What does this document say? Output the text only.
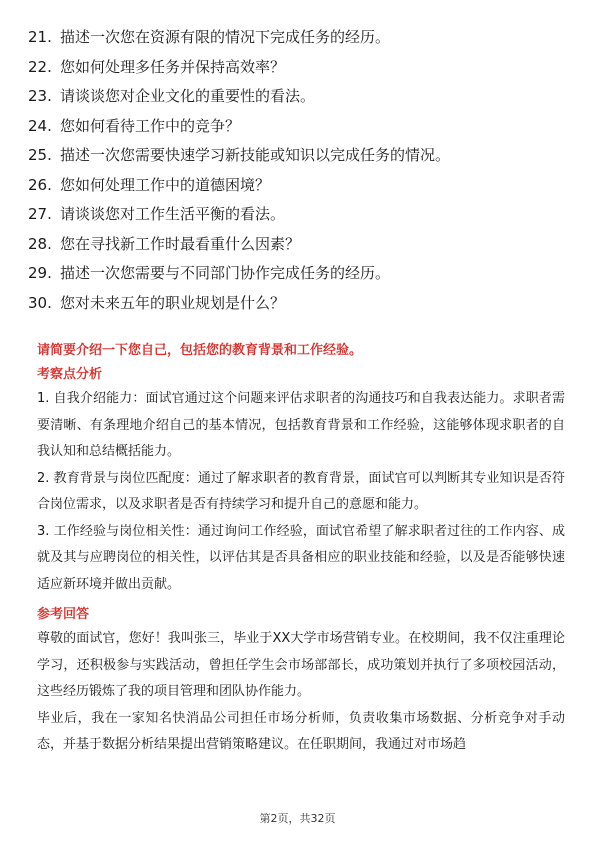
21. 描述一次您在资源有限的情况下完成任务的经历。
22. 您如何处理多任务并保持高效率？
23. 请谈谈您对企业文化的重要性的看法。
24. 您如何看待工作中的竞争？
25. 描述一次您需要快速学习新技能或知识以完成任务的情况。
26. 您如何处理工作中的道德困境？
27. 请谈谈您对工作生活平衡的看法。
28. 您在寻找新工作时最看重什么因素？
29. 描述一次您需要与不同部门协作完成任务的经历。
30. 您对未来五年的职业规划是什么？
请简要介绍一下您自己，包括您的教育背景和工作经验。
考察点分析

1. 自我介绍能力：面试官通过这个问题来评估求职者的沟通技巧和自我表达能力。求职者需要清晰、有条理地介绍自己的基本情况，包括教育背景和工作经验，这能够体现求职者的自我认知和总结概括能力。

2. 教育背景与岗位匹配度：通过了解求职者的教育背景，面试官可以判断其专业知识是否符合岗位需求，以及求职者是否有持续学习和提升自己的意愿和能力。

3. 工作经验与岗位相关性：通过询问工作经验，面试官希望了解求职者过往的工作内容、成就及其与应聘岗位的相关性，以评估其是否具备相应的职业技能和经验，以及是否能够快速适应新环境并做出贡献。

参考回答

尊敬的面试官，您好！我叫张三，毕业于XX大学市场营销专业。在校期间，我不仅注重理论学习，还积极参与实践活动，曾担任学生会市场部部长，成功策划并执行了多项校园活动，这些经历锻炼了我的项目管理和团队协作能力。

毕业后，我在一家知名快消品公司担任市场分析师，负责收集市场数据、分析竞争对手动态，并基于数据分析结果提出营销策略建议。在任职期间，我通过对市场趋

第2页，共32页
